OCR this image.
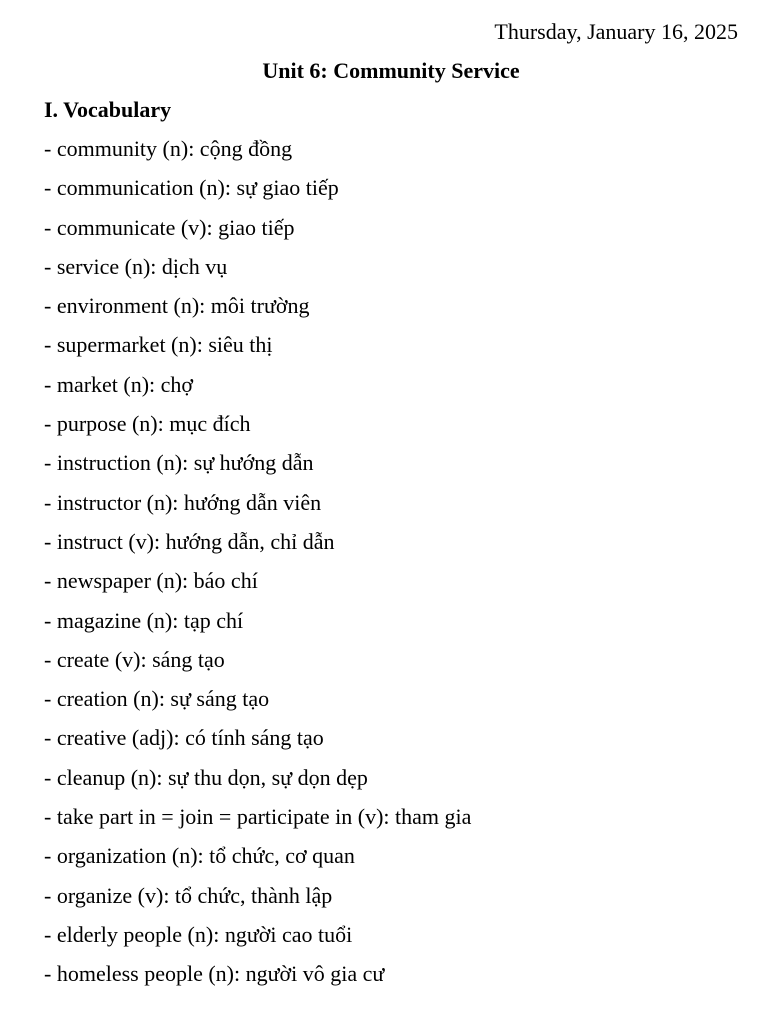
Thursday, January 16, 2025
Unit 6: Community Service
I. Vocabulary
- community (n): cộng đồng
- communication (n): sự giao tiếp
- communicate (v): giao tiếp
- service (n): dịch vụ
- environment (n): môi trường
- supermarket (n): siêu thị
- market (n): chợ
- purpose (n): mục đích
- instruction (n): sự hướng dẫn
- instructor (n): hướng dẫn viên
- instruct (v): hướng dẫn, chỉ dẫn
- newspaper (n): báo chí
- magazine (n): tạp chí
- create (v): sáng tạo
- creation (n): sự sáng tạo
- creative (adj): có tính sáng tạo
- cleanup (n): sự thu dọn, sự dọn dẹp
- take part in = join = participate in (v): tham gia
- organization (n): tổ chức, cơ quan
- organize (v): tổ chức, thành lập
- elderly people (n): người cao tuổi
- homeless people (n): người vô gia cư
